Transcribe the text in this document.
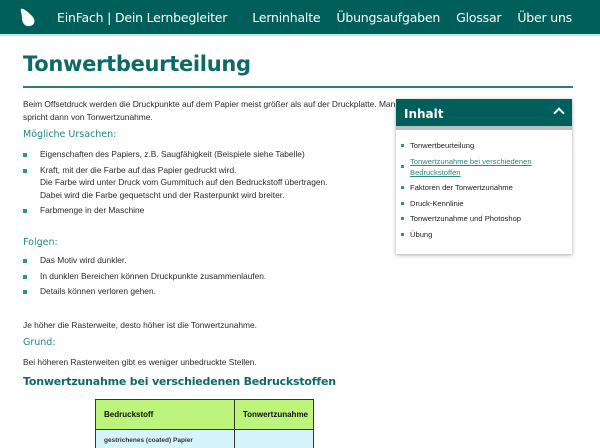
EinFach | Dein Lernbegleiter Lerninhalte Übungsaufgaben Glossar Über uns
Tonwertbeurteilung
Beim Offsetdruck werden die Druckpunkte auf dem Papier meist größer als auf der Druckplatte. Man
spricht dann von Tonwertzunahme.
Mögliche Ursachen:
Eigenschaften des Papiers, z.B. Saugfähigkeit (Beispiele siehe Tabelle)
Kraft, mit der die Farbe auf das Papier gedruckt wird.
Die Farbe wird unter Druck vom Gummituch auf den Bedruckstoff übertragen.
Dabei wird die Farbe gequetscht und der Rasterpunkt wird breiter.
Farbmenge in der Maschine
Folgen:
Das Motiv wird dunkler.
In dunklen Bereichen können Druckpunkte zusammenlaufen.
Details können verloren gehen.
Je höher die Rasterweite, desto höher ist die Tonwertzunahme.
Grund:
Bei höheren Rasterweiten gibt es weniger unbedruckte Stellen.
Tonwertzunahme bei verschiedenen Bedruckstoffen
Bedruckstoff	Tonwertzunahme
gestrichenes (coated) Papier	
Inhalt
Tonwertbeurteilung
Tonwertzunahme bei verschiedenen Bedruckstoffen
Faktoren der Tonwertzunahme
Druck-Kennlinie
Tonwertzunahme und Photoshop
Übung
